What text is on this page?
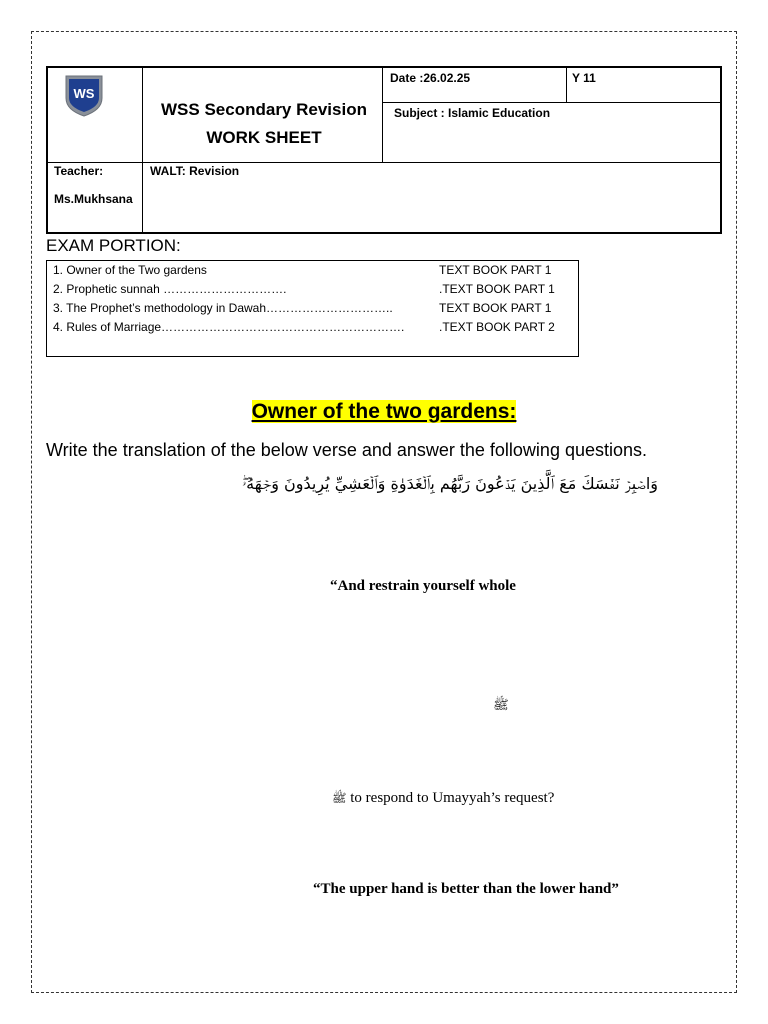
WS
WSS Secondary Revision
WORK SHEET
Date :26.02.25	Y 11
Subject : Islamic Education
Teacher:
Ms.Mukhsana
WALT: Revision
EXAM PORTION:
1. Owner of the Two gardens	TEXT BOOK PART 1
2. Prophetic sunnah ………………………….	.TEXT BOOK PART 1
3. The Prophet’s methodology in Dawah…………………………..	TEXT BOOK PART 1
4. Rules of Marriage…………………………………………………….	.TEXT BOOK PART 2
Owner of the two gardens:
Write the translation of the below verse and answer the following questions.
وَاصۡبِرۡ نَفۡسَكَ مَعَ ٱلَّذِينَ يَدۡعُونَ رَبَّهُم بِٱلۡغَدَوٰةِ وَٱلۡعَشِيِّ يُرِيدُونَ وَجۡهَهُۥۖ
“And restrain yourself whole
ﷺ
ﷺ to respond to Umayyah’s request?
“The upper hand is better than the lower hand”
